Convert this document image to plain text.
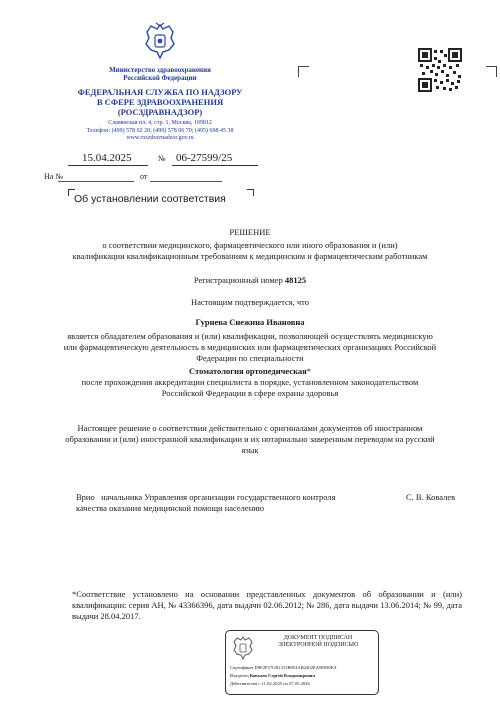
Министерство здравоохранения
Российской Федерации
ФЕДЕРАЛЬНАЯ СЛУЖБА ПО НАДЗОРУ
В СФЕРЕ ЗДРАВООХРАНЕНИЯ
(РОСЗДРАВНАДЗОР)
Славянская пл. 4, стр. 1, Москва, 109012
Телефон: (499) 578 02 20; (499) 578 06 70; (495) 698 45 38
www.roszdravnadzor.gov.ru
15.04.2025	№ 06-27599/25
На №	от
Об установлении соответствия
РЕШЕНИЕ
о соответствии медицинского, фармацевтического или иного образования и (или)
квалификации квалификационным требованиям к медицинским и фармацевтическим работникам
Регистрационный номер 48125
Настоящим подтверждается, что
Гурнева Снежина Ивановна
является обладателем образования и (или) квалификации, позволяющей осуществлять медицинскую или фармацевтическую деятельность в медицинских или фармацевтических организациях Российской Федерации по специальности
Стоматология ортопедическая*
после прохождения аккредитации специалиста в порядке, установленном законодательством Российской Федерации в сфере охраны здоровья
Настоящее решение о соответствии действительно с оригиналами документов об иностранном образовании и (или) иностранной квалификации и их нотариально заверенным переводом на русский язык
Врио   начальника Управления организации государственного контроля
качества оказания медицинской помощи населению
С. В. Ковалев
*Соответствие установлено на основании представленных документов об образовании и (или) квалификации: серия АН, № 43366396, дата выдачи 02.06.2012; № 286, дата выдачи 13.06.2014; № 99, дата выдачи 28.04.2017.
ДОКУМЕНТ ПОДПИСАН
ЭЛЕКТРОННОЙ ПОДПИСЬЮ
Сертификат D9F2F57CB1313B854AB2402EA98930EA
Владелец Ковалев Сергей Владимирович
Действителен с 11.02.2025 по 07.05.2026
